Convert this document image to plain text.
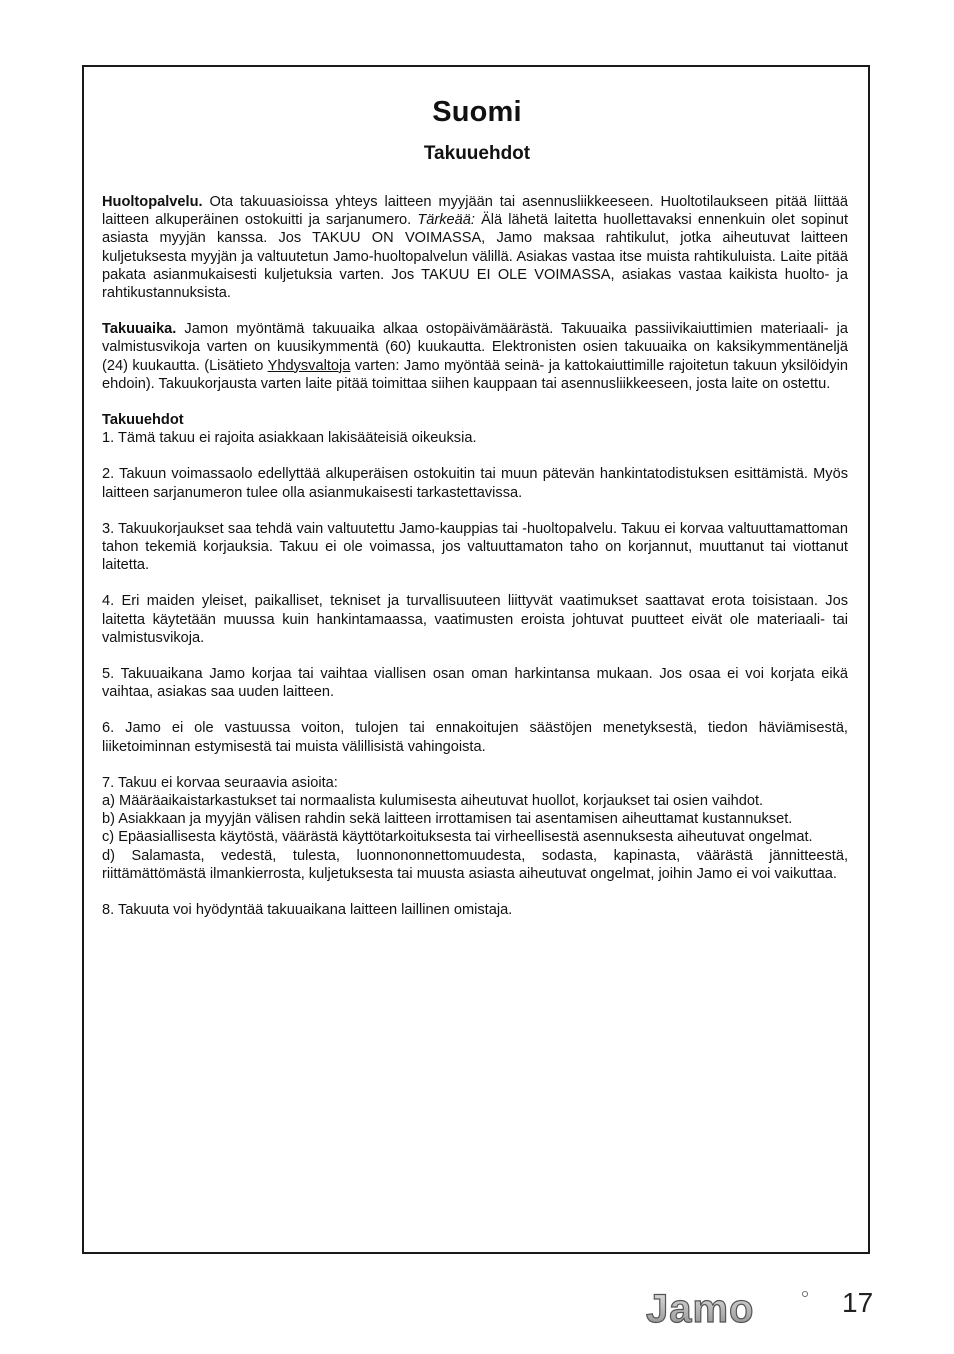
Suomi
Takuuehdot

Huoltopalvelu. Ota takuuasioissa yhteys laitteen myyjään tai asennusliikkeeseen. Huoltotilaukseen pitää liittää laitteen alkuperäinen ostokuitti ja sarjanumero. Tärkeää: Älä lähetä laitetta huollettavaksi ennenkuin olet sopinut asiasta myyjän kanssa. Jos TAKUU ON VOIMASSA, Jamo maksaa rahtikulut, jotka aiheutuvat laitteen kuljetuksesta myyjän ja valtuutetun Jamo-huoltopalvelun välillä. Asiakas vastaa itse muista rahtikuluista. Laite pitää pakata asianmukaisesti kuljetuksia varten. Jos TAKUU EI OLE VOIMASSA, asiakas vastaa kaikista huolto- ja rahtikustannuksista.

Takuuaika. Jamon myöntämä takuuaika alkaa ostopäivämäärästä. Takuuaika passiivikaiuttimien materiaali- ja valmistusvikoja varten on kuusikymmentä (60) kuukautta. Elektronisten osien takuuaika on kaksikymmentäneljä (24) kuukautta. (Lisätieto Yhdysvaltoja varten: Jamo myöntää seinä- ja kattokaiuttimille rajoitetun takuun yksilöidyin ehdoin). Takuukorjausta varten laite pitää toimittaa siihen kauppaan tai asennusliikkeeseen, josta laite on ostettu.

Takuuehdot
1. Tämä takuu ei rajoita asiakkaan lakisääteisiä oikeuksia.

2. Takuun voimassaolo edellyttää alkuperäisen ostokuitin tai muun pätevän hankintatodistuksen esittämistä. Myös laitteen sarjanumeron tulee olla asianmukaisesti tarkastettavissa.

3. Takuukorjaukset saa tehdä vain valtuutettu Jamo-kauppias tai -huoltopalvelu. Takuu ei korvaa valtuuttamattoman tahon tekemiä korjauksia. Takuu ei ole voimassa, jos valtuuttamaton taho on korjannut, muuttanut tai viottanut laitetta.

4. Eri maiden yleiset, paikalliset, tekniset ja turvallisuuteen liittyvät vaatimukset saattavat erota toisistaan. Jos laitetta käytetään muussa kuin hankintamaassa, vaatimusten eroista johtuvat puutteet eivät ole materiaali- tai valmistusvikoja.

5. Takuuaikana Jamo korjaa tai vaihtaa viallisen osan oman harkintansa mukaan. Jos osaa ei voi korjata eikä vaihtaa, asiakas saa uuden laitteen.

6. Jamo ei ole vastuussa voiton, tulojen tai ennakoitujen säästöjen menetyksestä, tiedon häviämisestä, liiketoiminnan estymisestä tai muista välillisistä vahingoista.

7. Takuu ei korvaa seuraavia asioita:
a) Määräaikaistarkastukset tai normaalista kulumisesta aiheutuvat huollot, korjaukset tai osien vaihdot.
b) Asiakkaan ja myyjän välisen rahdin sekä laitteen irrottamisen tai asentamisen aiheuttamat kustannukset.
c) Epäasiallisesta käytöstä, väärästä käyttötarkoituksesta tai virheellisestä asennuksesta aiheutuvat ongelmat.
d) Salamasta, vedestä, tulesta, luonnononnettomuudesta, sodasta, kapinasta, väärästä jännitteestä, riittämättömästä ilmankierrosta, kuljetuksesta tai muusta asiasta aiheutuvat ongelmat, joihin Jamo ei voi vaikuttaa.

8. Takuuta voi hyödyntää takuuaikana laitteen laillinen omistaja.

Jamo	17
